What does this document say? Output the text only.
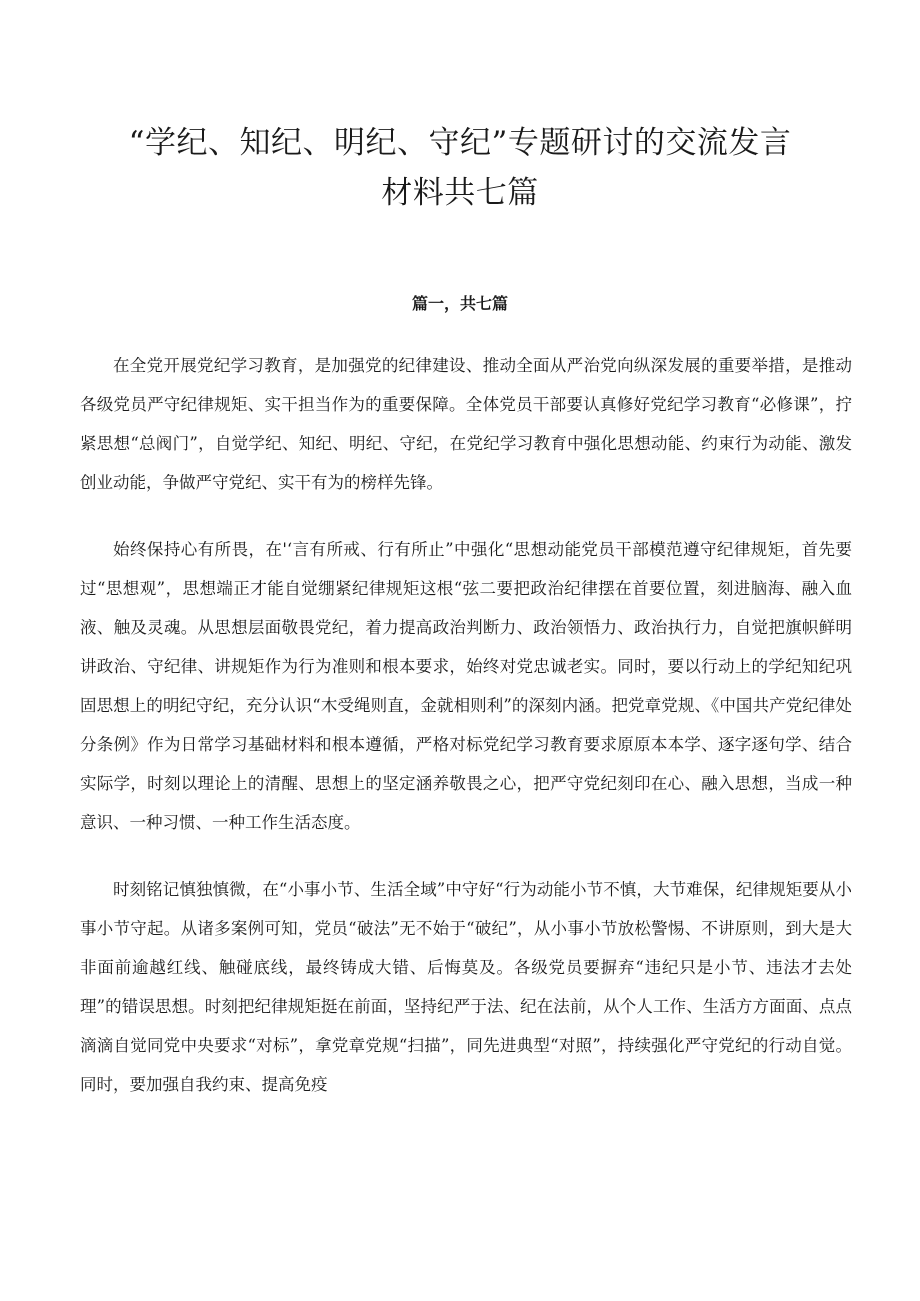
“学纪、知纪、明纪、守纪”专题研讨的交流发言
材料共七篇
篇一，共七篇

在全党开展党纪学习教育，是加强党的纪律建设、推动全面从严治党向纵深发展的重要举措，是推动各级党员严守纪律规矩、实干担当作为的重要保障。全体党员干部要认真修好党纪学习教育“必修课”，拧紧思想“总阀门”，自觉学纪、知纪、明纪、守纪，在党纪学习教育中强化思想动能、约束行为动能、激发创业动能，争做严守党纪、实干有为的榜样先锋。

始终保持心有所畏，在'‘言有所戒、行有所止”中强化“思想动能党员干部模范遵守纪律规矩，首先要过“思想观”，思想端正才能自觉绷紧纪律规矩这根“弦二要把政治纪律摆在首要位置，刻进脑海、融入血液、触及灵魂。从思想层面敬畏党纪，着力提高政治判断力、政治领悟力、政治执行力，自觉把旗帜鲜明讲政治、守纪律、讲规矩作为行为准则和根本要求，始终对党忠诚老实。同时，要以行动上的学纪知纪巩固思想上的明纪守纪，充分认识“木受绳则直，金就相则利”的深刻内涵。把党章党规、《中国共产党纪律处分条例》作为日常学习基础材料和根本遵循，严格对标党纪学习教育要求原原本本学、逐字逐句学、结合实际学，时刻以理论上的清醒、思想上的坚定涵养敬畏之心，把严守党纪刻印在心、融入思想，当成一种意识、一种习惯、一种工作生活态度。

时刻铭记慎独慎微，在“小事小节、生活全域”中守好“行为动能小节不慎，大节难保，纪律规矩要从小事小节守起。从诸多案例可知，党员“破法”无不始于“破纪”，从小事小节放松警惕、不讲原则，到大是大非面前逾越红线、触碰底线，最终铸成大错、后悔莫及。各级党员要摒弃“违纪只是小节、违法才去处理”的错误思想。时刻把纪律规矩挺在前面，坚持纪严于法、纪在法前，从个人工作、生活方方面面、点点滴滴自觉同党中央要求“对标”，拿党章党规“扫描”，同先进典型“对照”，持续强化严守党纪的行动自觉。同时，要加强自我约束、提高免疫
